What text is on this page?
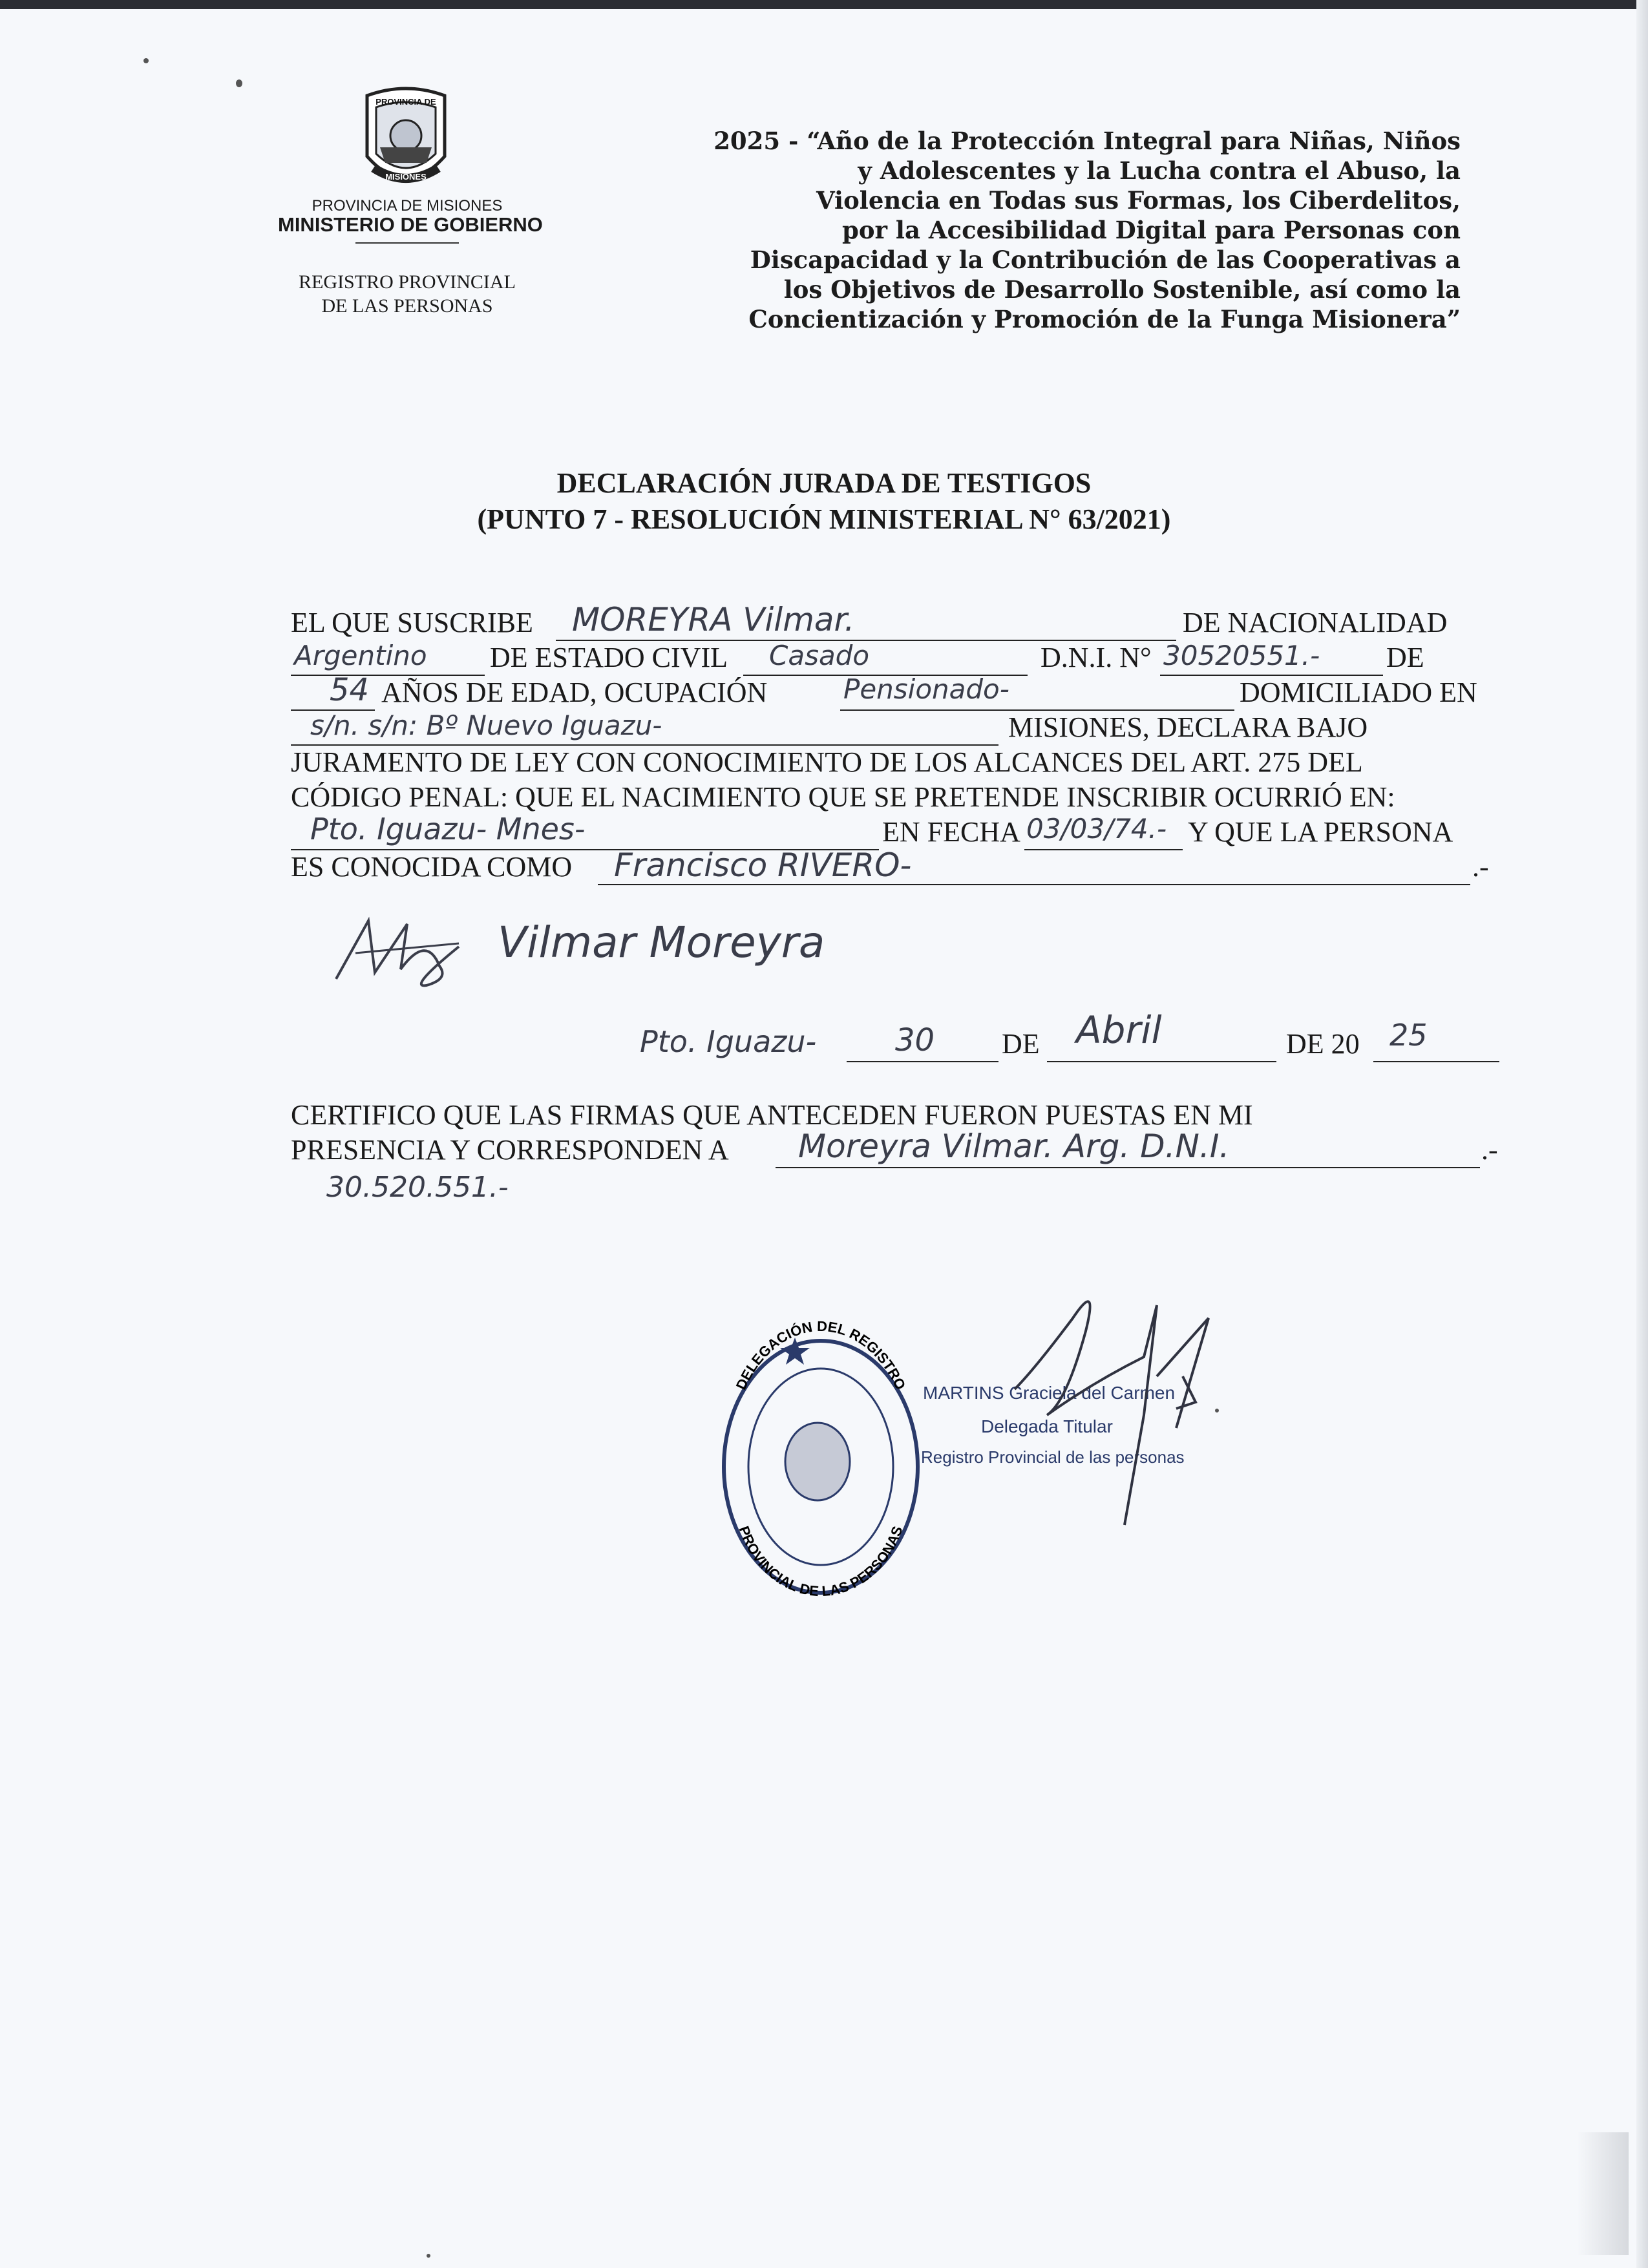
PROVINCIA DE
MISIONES
PROVINCIA DE MISIONES
MINISTERIO DE GOBIERNO
REGISTRO PROVINCIAL
DE LAS PERSONAS
2025 - “Año de la Protección Integral para Niñas, Niños
y Adolescentes y la Lucha contra el Abuso, la
Violencia en Todas sus Formas, los Ciberdelitos,
por la Accesibilidad Digital para Personas con
Discapacidad y la Contribución de las Cooperativas a
los Objetivos de Desarrollo Sostenible, así como la
Concientización y Promoción de la Funga Misionera”
DECLARACIÓN JURADA DE TESTIGOS
(PUNTO 7 - RESOLUCIÓN MINISTERIAL N° 63/2021)
EL QUE SUSCRIBE MOREYRA Vilmar.	DE NACIONALIDAD
Argentino DE ESTADO CIVIL Casado	D.N.I. N° 30520551.- DE
54 AÑOS DE EDAD, OCUPACIÓN	Pensionado-	DOMICILIADO EN
s/n. s/n: Bº Nuevo Iguazu-	MISIONES, DECLARA BAJO
JURAMENTO DE LEY CON CONOCIMIENTO DE LOS ALCANCES DEL ART. 275 DEL
CÓDIGO PENAL: QUE EL NACIMIENTO QUE SE PRETENDE INSCRIBIR OCURRIÓ EN:
Pto. Iguazu- Mnes-	EN FECHA 03/03/74.- Y QUE LA PERSONA
ES CONOCIDA COMO Francisco RIVERO-	.-
Vilmar Moreyra
Pto. Iguazu-	30 DE Abril	DE 20 25
CERTIFICO QUE LAS FIRMAS QUE ANTECEDEN FUERON PUESTAS EN MI
PRESENCIA Y CORRESPONDEN A Moreyra Vilmar. Arg. D.N.I.	.-
30.520.551.-
DELEGACIÓN DEL REGISTRO
PROVINCIAL DE LAS PERSONAS
MARTINS Graciela del Carmen
Delegada Titular
Registro Provincial de las personas
